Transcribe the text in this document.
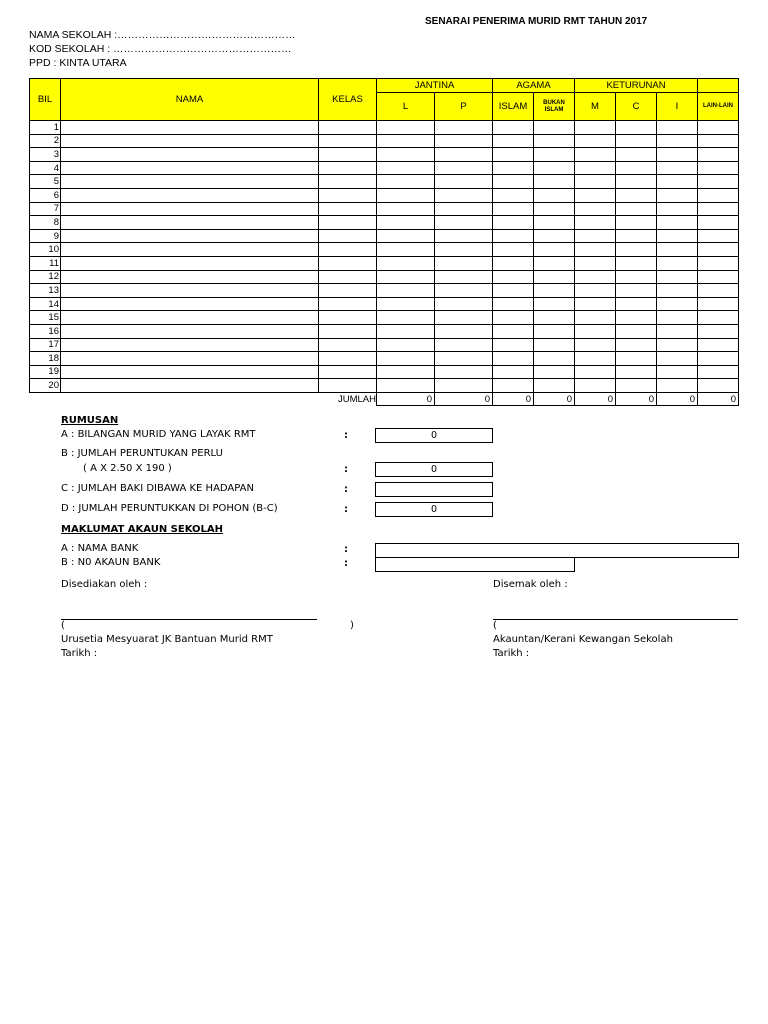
SENARAI PENERIMA MURID RMT TAHUN 2017
NAMA SEKOLAH :……………………………………………
KOD SEKOLAH : ……………………………………………
PPD : KINTA UTARA
BIL	NAMA	KELAS	JANTINA		AGAMA		KETURUNAN			
			L	P	ISLAM	BUKAN ISLAM	M	C	I	LAIN-LAIN
1										
2										
3										
4										
5										
6										
7										
8										
9										
10										
11										
12										
13										
14										
15										
16										
17										
18										
19										
20										
		JUMLAH	0	0	0	0	0	0	0	0
RUMUSAN
A : BILANGAN MURID YANG LAYAK RMT	:	0
B : JUMLAH PERUNTUKAN PERLU
( A X 2.50 X 190 )	:	0
C : JUMLAH BAKI DIBAWA KE HADAPAN	:
D : JUMLAH PERUNTUKKAN DI POHON (B-C)	:	0
MAKLUMAT AKAUN SEKOLAH
A : NAMA BANK	:
B : N0 AKAUN BANK	:
Disediakan oleh :	Disemak oleh :
(	)	(
Urusetia Mesyuarat JK Bantuan Murid RMT	Akauntan/Kerani Kewangan Sekolah
Tarikh :	Tarikh :
